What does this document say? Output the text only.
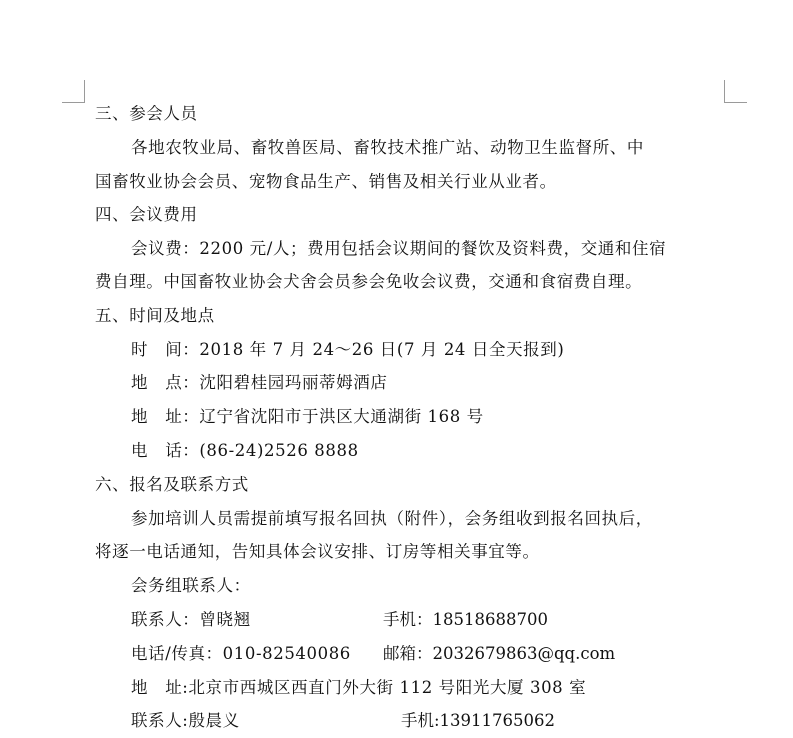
三、参会人员
各地农牧业局、畜牧兽医局、畜牧技术推广站、动物卫生监督所、中
国畜牧业协会会员、宠物食品生产、销售及相关行业从业者。
四、会议费用
会议费：2200 元/人；费用包括会议期间的餐饮及资料费，交通和住宿
费自理。中国畜牧业协会犬舍会员参会免收会议费，交通和食宿费自理。
五、时间及地点
时　间：2018 年 7 月 24～26 日(7 月 24 日全天报到)
地　点：沈阳碧桂园玛丽蒂姆酒店
地　址：辽宁省沈阳市于洪区大通湖街 168 号
电　话：(86-24)2526 8888
六、报名及联系方式
参加培训人员需提前填写报名回执（附件），会务组收到报名回执后，
将逐一电话通知，告知具体会议安排、订房等相关事宜等。
会务组联系人：
联系人：曾晓翘	手机：18518688700
电话/传真：010-82540086 邮箱：2032679863@qq.com
地　址:北京市西城区西直门外大街 112 号阳光大厦 308 室
联系人:殷晨义	手机:13911765062
